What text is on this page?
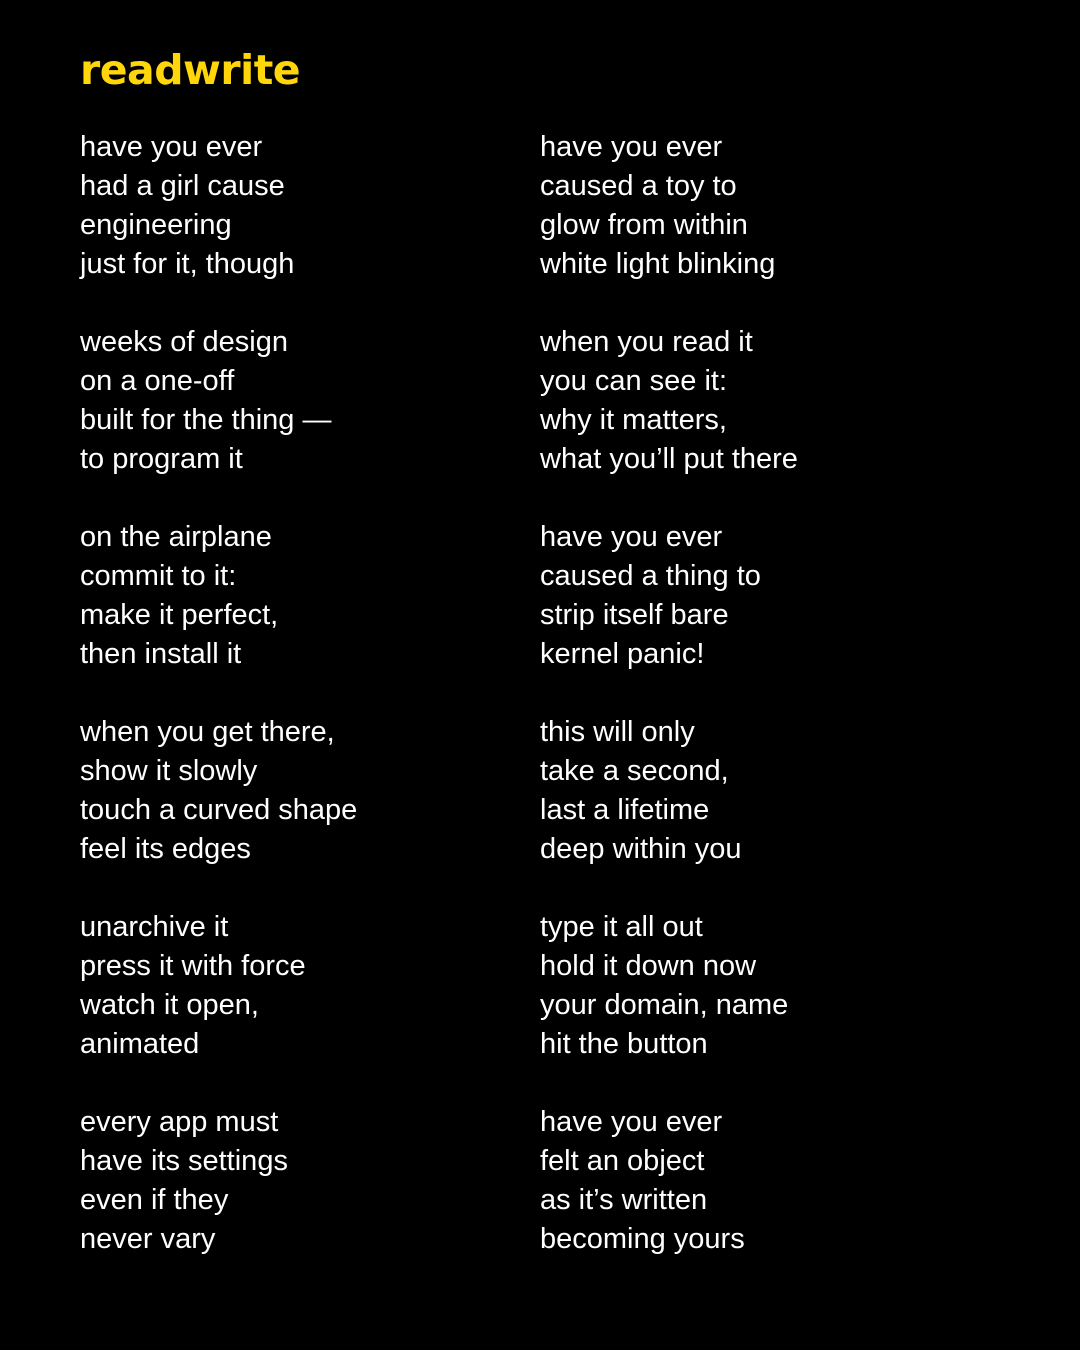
readwrite
have you ever
had a girl cause
engineering
just for it, though
weeks of design
on a one-off
built for the thing —
to program it
on the airplane
commit to it:
make it perfect,
then install it
when you get there,
show it slowly
touch a curved shape
feel its edges
unarchive it
press it with force
watch it open,
animated
every app must
have its settings
even if they
never vary
have you ever
caused a toy to
glow from within
white light blinking
when you read it
you can see it:
why it matters,
what you’ll put there
have you ever
caused a thing to
strip itself bare
kernel panic!
this will only
take a second,
last a lifetime
deep within you
type it all out
hold it down now
your domain, name
hit the button
have you ever
felt an object
as it’s written
becoming yours
